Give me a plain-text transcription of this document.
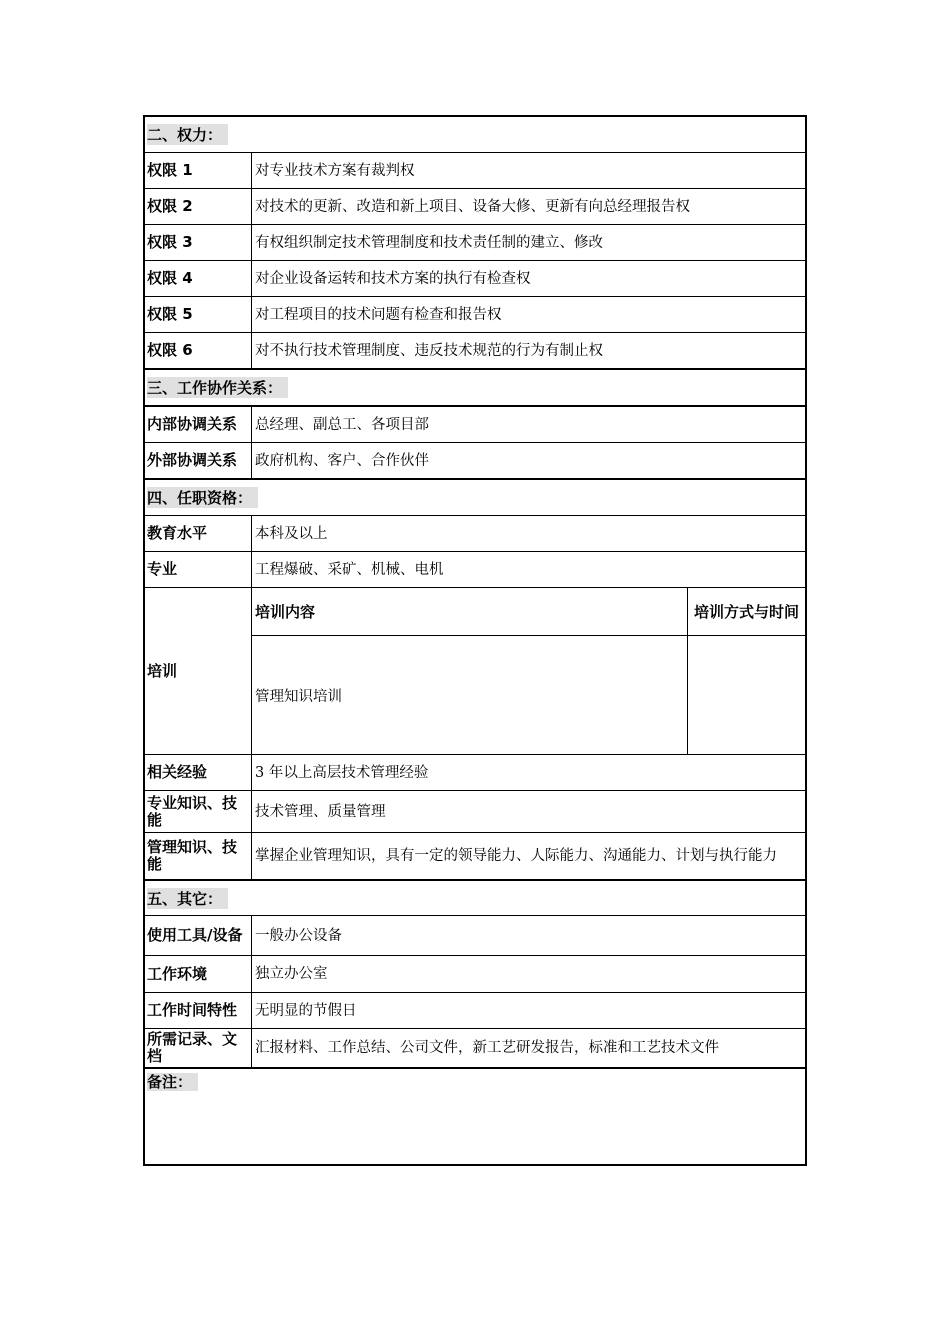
二、权力：
权限 1	对专业技术方案有裁判权
权限 2	对技术的更新、改造和新上项目、设备大修、更新有向总经理报告权
权限 3	有权组织制定技术管理制度和技术责任制的建立、修改
权限 4	对企业设备运转和技术方案的执行有检查权
权限 5	对工程项目的技术问题有检查和报告权
权限 6	对不执行技术管理制度、违反技术规范的行为有制止权
三、工作协作关系：
内部协调关系	总经理、副总工、各项目部
外部协调关系	政府机构、客户、合作伙伴
四、任职资格：
教育水平	本科及以上
专业	工程爆破、采矿、机械、电机
培训
培训内容	培训方式与时间
管理知识培训
相关经验	3 年以上高层技术管理经验
专业知识、技能	技术管理、质量管理
管理知识、技能	掌握企业管理知识，具有一定的领导能力、人际能力、沟通能力、计划与执行能力
五、其它：
使用工具/设备 一般办公设备
工作环境	独立办公室
工作时间特性	无明显的节假日
所需记录、文档	汇报材料、工作总结、公司文件，新工艺研发报告，标准和工艺技术文件
备注：
